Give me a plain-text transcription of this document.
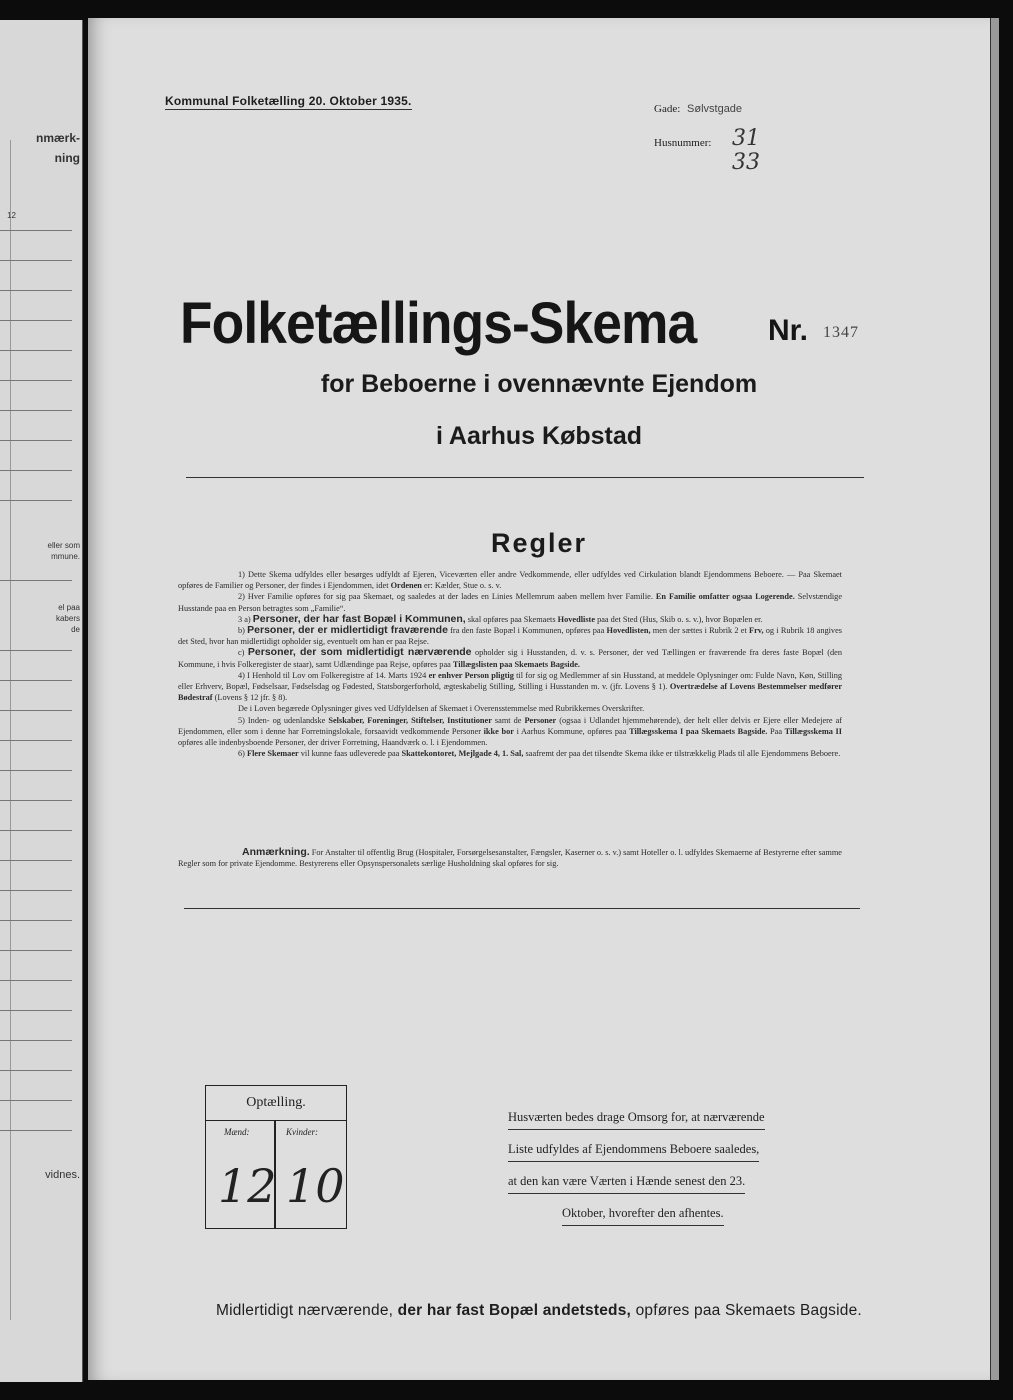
nmærk-
ning
12
eller som
mmune.
el paa
kabers
de
vidnes.
Kommunal Folketælling 20. Oktober 1935.
Gade: Sølvstgade
Husnummer: 31
33
Folketællings-Skema Nr. 1347
for Beboerne i ovennævnte Ejendom
i Aarhus Købstad
Regler

1) Dette Skema udfyldes eller besørges udfyldt af Ejeren, Viceværten eller andre Vedkommende, eller udfyldes ved Cirkulation blandt Ejendommens Beboere. — Paa Skemaet opføres de Familier og Personer, der findes i Ejendommen, idet Ordenen er: Kælder, Stue o. s. v.

2) Hver Familie opføres for sig paa Skemaet, og saaledes at der lades en Linies Mellemrum aaben mellem hver Familie. En Familie omfatter ogsaa Logerende. Selvstændige Husstande paa en Person betragtes som „Familie“.

3 a) Personer, der har fast Bopæl i Kommunen, skal opføres paa Skemaets Hovedliste paa det Sted (Hus, Skib o. s. v.), hvor Bopælen er.

b) Personer, der er midlertidigt fraværende fra den faste Bopæl i Kommunen, opføres paa Hovedlisten, men der sættes i Rubrik 2 et Frv, og i Rubrik 18 angives det Sted, hvor han midlertidigt opholder sig, eventuelt om han er paa Rejse.

c) Personer, der som midlertidigt nærværende opholder sig i Husstanden, d. v. s. Personer, der ved Tællingen er fraværende fra deres faste Bopæl (den Kommune, i hvis Folkeregister de staar), samt Udlændinge paa Rejse, opføres paa Tillægslisten paa Skemaets Bagside.

4) I Henhold til Lov om Folkeregistre af 14. Marts 1924 er enhver Person pligtig til for sig og Medlemmer af sin Husstand, at meddele Oplysninger om: Fulde Navn, Køn, Stilling eller Erhverv, Bopæl, Fødselsaar, Fødselsdag og Fødested, Statsborgerforhold, ægteskabelig Stilling, Stilling i Husstanden m. v. (jfr. Lovens § 1). Overtrædelse af Lovens Bestemmelser medfører Bødestraf (Lovens § 12 jfr. § 8).

De i Loven begærede Oplysninger gives ved Udfyldelsen af Skemaet i Overensstemmelse med Rubrikkernes Overskrifter.

5) Inden- og udenlandske Selskaber, Foreninger, Stiftelser, Institutioner samt de Personer (ogsaa i Udlandet hjemmehørende), der helt eller delvis er Ejere eller Medejere af Ejendommen, eller som i denne har Forretningslokale, forsaavidt vedkommende Personer ikke bor i Aarhus Kommune, opføres paa Tillægsskema I paa Skemaets Bagside. Paa Tillægsskema II opføres alle indenbysboende Personer, der driver Forretning, Haandværk o. l. i Ejendommen.

6) Flere Skemaer vil kunne faas udleverede paa Skattekontoret, Mejlgade 4, 1. Sal, saafremt der paa det tilsendte Skema ikke er tilstrækkelig Plads til alle Ejendommens Beboere.

Anmærkning. For Anstalter til offentlig Brug (Hospitaler, Forsørgelsesanstalter, Fængsler, Kaserner o. s. v.) samt Hoteller o. l. udfyldes Skemaerne af Bestyrerne efter samme Regler som for private Ejendomme. Bestyrerens eller Opsynspersonalets særlige Husholdning skal opføres for sig.

Optælling.
Mænd:	Kvinder:
12 10
Husværten bedes drage Omsorg for, at nærværende
Liste udfyldes af Ejendommens Beboere saaledes,
at den kan være Værten i Hænde senest den 23.
Oktober, hvorefter den afhentes.
Midlertidigt nærværende, der har fast Bopæl andetsteds, opføres paa Skemaets Bagside.
